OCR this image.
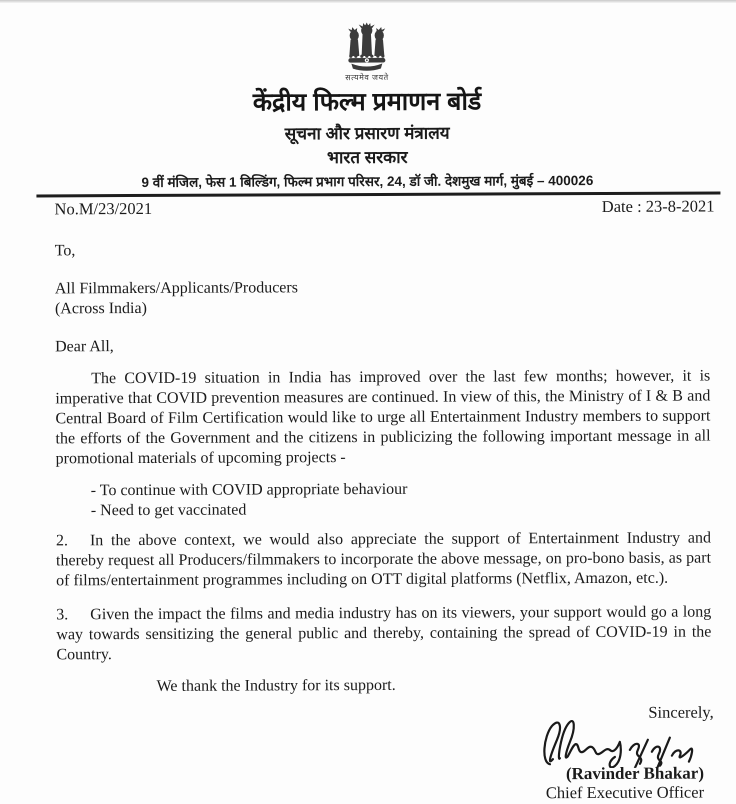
सत्यमेव जयते
केंद्रीय फिल्म प्रमाणन बोर्ड
सूचना और प्रसारण मंत्रालय
भारत सरकार
9 वीं मंजिल, फेस 1 बिल्डिंग, फिल्म प्रभाग परिसर, 24, डॉ जी. देशमुख मार्ग, मुंबई – 400026
No.M/23/2021	Date : 23-8-2021
To,
All Filmmakers/Applicants/Producers
(Across India)
Dear All,

The COVID-19 situation in India has improved over the last few months; however, it is imperative that COVID prevention measures are continued. In view of this, the Ministry of I & B and Central Board of Film Certification would like to urge all Entertainment Industry members to support the efforts of the Government and the citizens in publicizing the following important message in all promotional materials of upcoming projects -

- To continue with COVID appropriate behaviour
- Need to get vaccinated

2. In the above context, we would also appreciate the support of Entertainment Industry and thereby request all Producers/filmmakers to incorporate the above message, on pro-bono basis, as part of films/entertainment programmes including on OTT digital platforms (Netflix, Amazon, etc.).

3. Given the impact the films and media industry has on its viewers, your support would go a long way towards sensitizing the general public and thereby, containing the spread of COVID-19 in the Country.

We thank the Industry for its support.

Sincerely,
(Ravinder Bhakar)
Chief Executive Officer
